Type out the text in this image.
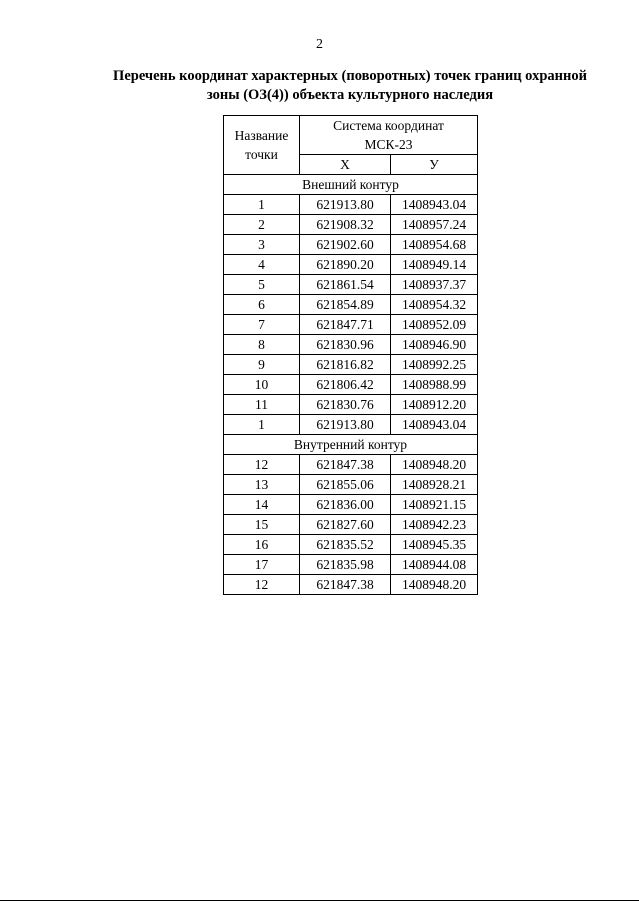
2
Перечень координат характерных (поворотных) точек границ охранной
зоны (ОЗ(4)) объекта культурного наследия
Название
точки	Система координат
МСК-23	
	X	У
Внешний контур		
1	621913.80	1408943.04
2	621908.32	1408957.24
3	621902.60	1408954.68
4	621890.20	1408949.14
5	621861.54	1408937.37
6	621854.89	1408954.32
7	621847.71	1408952.09
8	621830.96	1408946.90
9	621816.82	1408992.25
10	621806.42	1408988.99
11	621830.76	1408912.20
1	621913.80	1408943.04
Внутренний контур		
12	621847.38	1408948.20
13	621855.06	1408928.21
14	621836.00	1408921.15
15	621827.60	1408942.23
16	621835.52	1408945.35
17	621835.98	1408944.08
12	621847.38	1408948.20
